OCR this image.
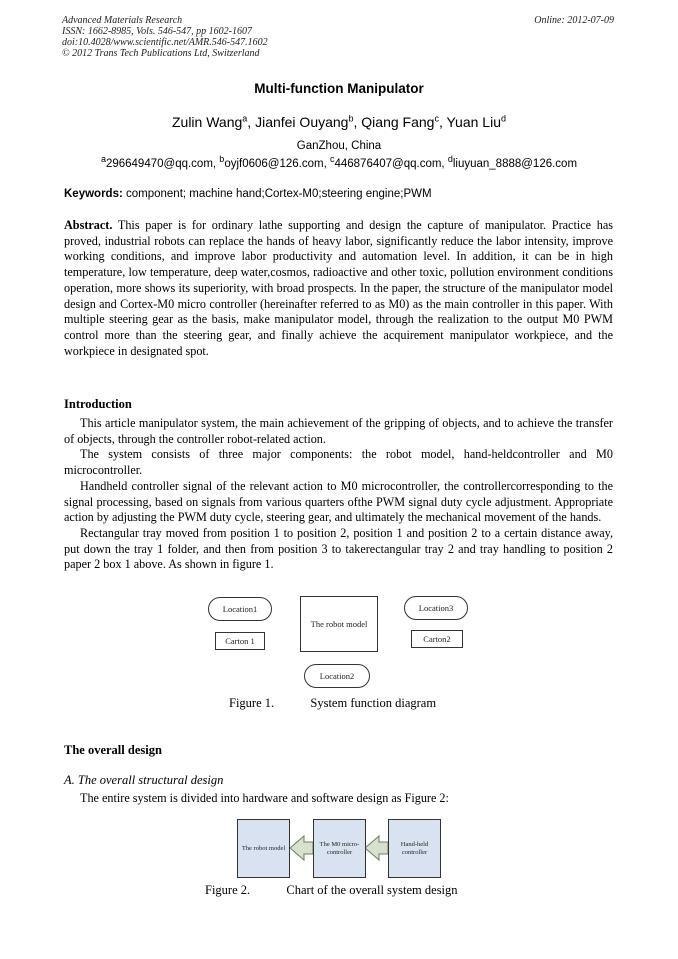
Advanced Materials Research
ISSN: 1662-8985, Vols. 546-547, pp 1602-1607
doi:10.4028/www.scientific.net/AMR.546-547.1602
© 2012 Trans Tech Publications Ltd, Switzerland
Online: 2012-07-09
Multi-function Manipulator
Zulin Wang$^a$, Jianfei Ouyang$^b$, Qiang Fang$^c$, Yuan Liu$^d$
GanZhou, China
$^a$296649470@qq.com, $^b$oyjf0606@126.com, $^c$446876407@qq.com, $^d$liuyuan_8888@126.com
Keywords: component; machine hand;Cortex-M0;steering engine;PWM

Abstract. This paper is for ordinary lathe supporting and design the capture of manipulator. Practice has proved, industrial robots can replace the hands of heavy labor, significantly reduce the labor intensity, improve working conditions, and improve labor productivity and automation level. In addition, it can be in high temperature, low temperature, deep water,cosmos, radioactive and other toxic, pollution environment conditions operation, more shows its superiority, with broad prospects. In the paper, the structure of the manipulator model design and Cortex-M0 micro controller (hereinafter referred to as M0) as the main controller in this paper. With multiple steering gear as the basis, make manipulator model, through the realization to the output M0 PWM control more than the steering gear, and finally achieve the acquirement manipulator workpiece, and the workpiece in designated spot.

Introduction

This article manipulator system, the main achievement of the gripping of objects, and to achieve the transfer of objects, through the controller robot-related action.

The system consists of three major components: the robot model, hand-heldcontroller and M0 microcontroller.

Handheld controller signal of the relevant action to M0 microcontroller, the controllercorresponding to the signal processing, based on signals from various quarters ofthe PWM signal duty cycle adjustment. Appropriate action by adjusting the PWM duty cycle, steering gear, and ultimately the mechanical movement of the hands.

Rectangular tray moved from position 1 to position 2, position 1 and position 2 to a certain distance away, put down the tray 1 folder, and then from position 3 to takerectangular tray 2 and tray handling to position 2 paper 2 box 1 above. As shown in figure 1.

Location1
Carton 1
The robot model
Location3
Carton2
Location2
Figure 1.	System function diagram
The overall design
A. The overall structural design

The entire system is divided into hardware and software design as Figure 2:

The robot model
The M0 micro-controller
Hand-held controller
Figure 2.	Chart of the overall system design
